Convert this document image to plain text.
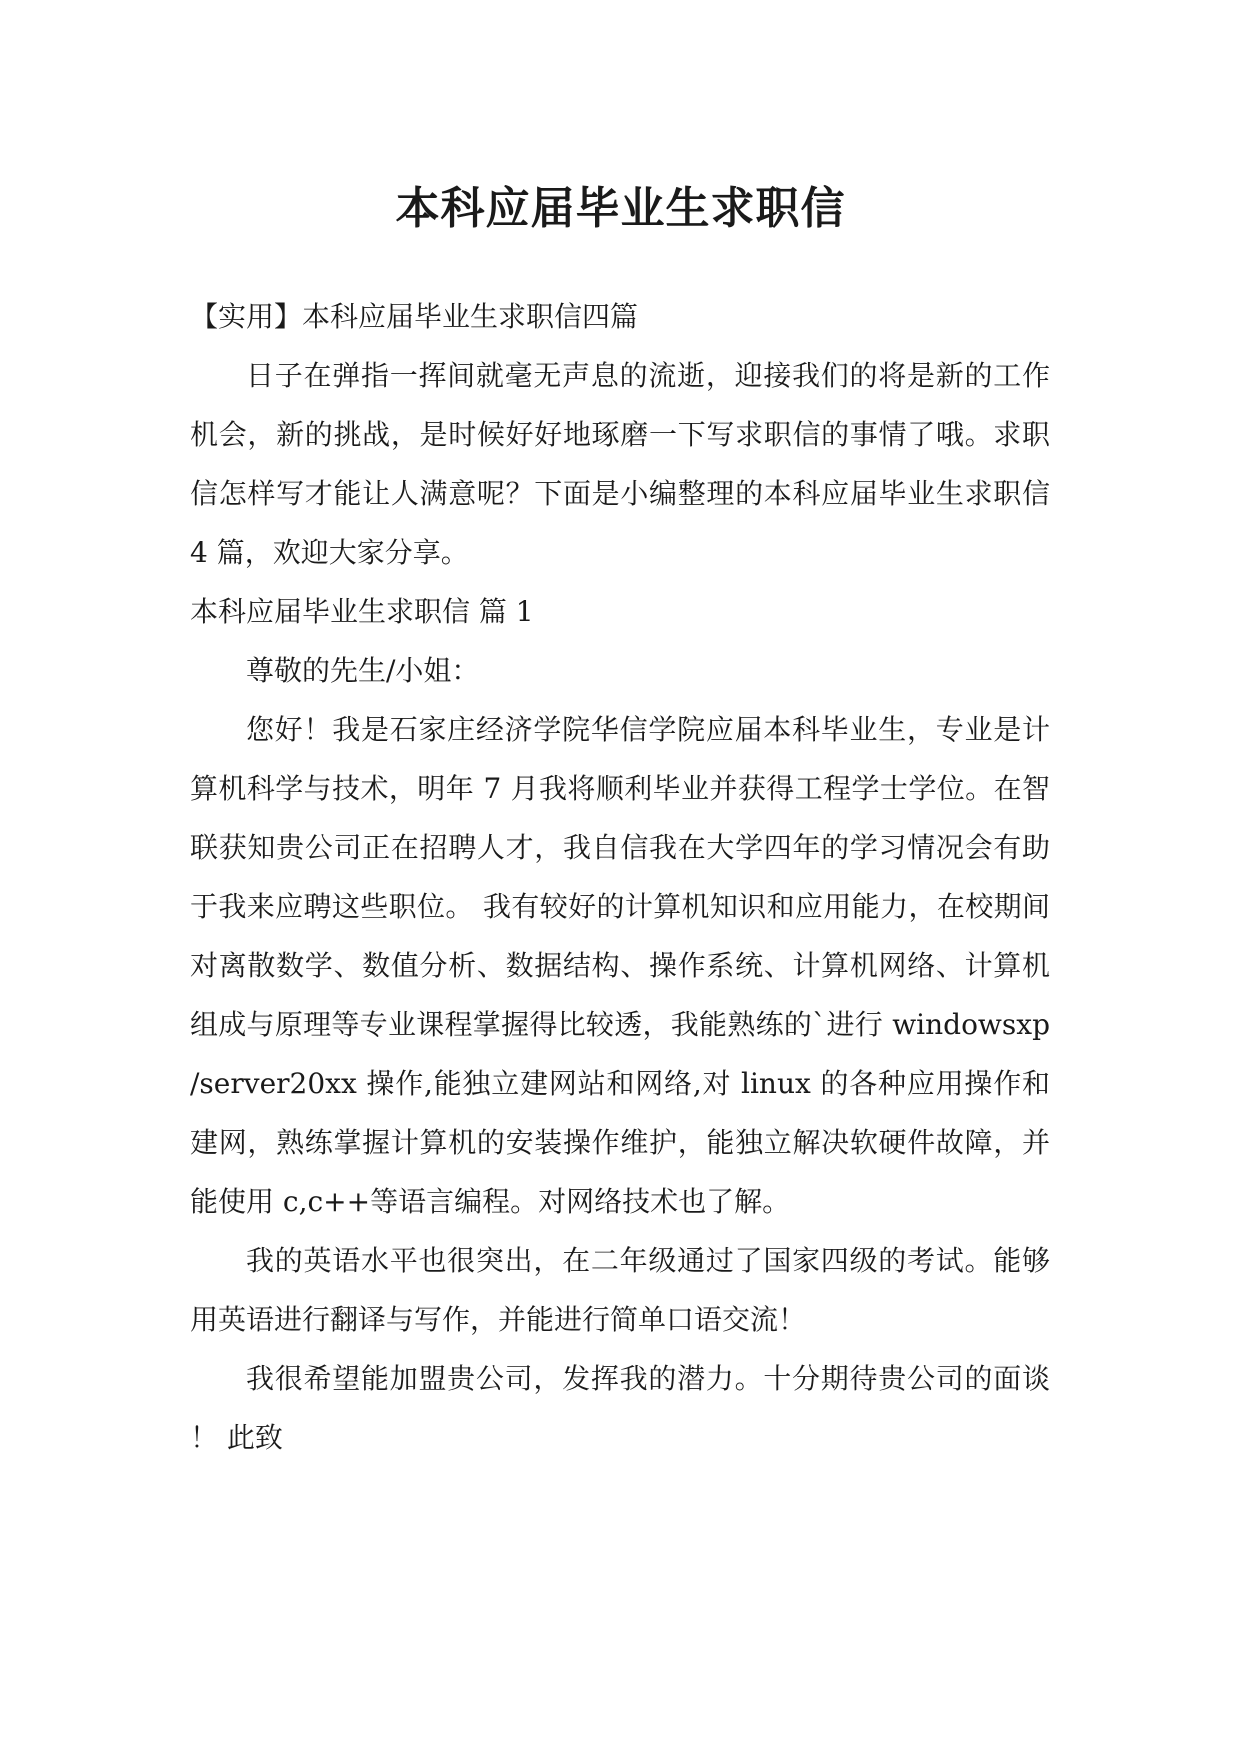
本科应届毕业生求职信

【实用】本科应届毕业生求职信四篇

日子在弹指一挥间就毫无声息的流逝，迎接我们的将是新的工作机会，新的挑战，是时候好好地琢磨一下写求职信的事情了哦。求职信怎样写才能让人满意呢？下面是小编整理的本科应届毕业生求职信 4 篇，欢迎大家分享。

本科应届毕业生求职信 篇 1

尊敬的先生/小姐：

您好！我是石家庄经济学院华信学院应届本科毕业生，专业是计算机科学与技术，明年 7 月我将顺利毕业并获得工程学士学位。在智联获知贵公司正在招聘人才，我自信我在大学四年的学习情况会有助于我来应聘这些职位。 我有较好的计算机知识和应用能力，在校期间对离散数学、数值分析、数据结构、操作系统、计算机网络、计算机组成与原理等专业课程掌握得比较透，我能熟练的`进行 windowsxp/server20xx 操作,能独立建网站和网络,对 linux 的各种应用操作和建网，熟练掌握计算机的安装操作维护，能独立解决软硬件故障，并能使用 c,c++等语言编程。对网络技术也了解。

我的英语水平也很突出，在二年级通过了国家四级的考试。能够用英语进行翻译与写作，并能进行简单口语交流！

我很希望能加盟贵公司，发挥我的潜力。十分期待贵公司的面谈！ 此致
